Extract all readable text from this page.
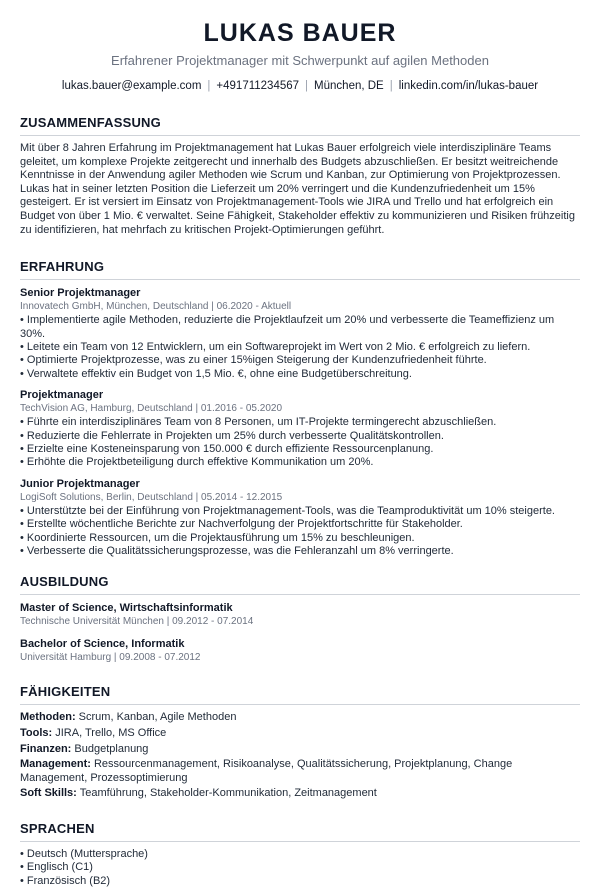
LUKAS BAUER
Erfahrener Projektmanager mit Schwerpunkt auf agilen Methoden
lukas.bauer@example.com | +491711234567 | München, DE | linkedin.com/in/lukas-bauer
ZUSAMMENFASSUNG

Mit über 8 Jahren Erfahrung im Projektmanagement hat Lukas Bauer erfolgreich viele interdisziplinäre Teams geleitet, um komplexe Projekte zeitgerecht und innerhalb des Budgets abzuschließen. Er besitzt weitreichende Kenntnisse in der Anwendung agiler Methoden wie Scrum und Kanban, zur Optimierung von Projektprozessen. Lukas hat in seiner letzten Position die Lieferzeit um 20% verringert und die Kundenzufriedenheit um 15% gesteigert. Er ist versiert im Einsatz von Projektmanagement-Tools wie JIRA und Trello und hat erfolgreich ein Budget von über 1 Mio. € verwaltet. Seine Fähigkeit, Stakeholder effektiv zu kommunizieren und Risiken frühzeitig zu identifizieren, hat mehrfach zu kritischen Projekt-Optimierungen geführt.

ERFAHRUNG
Senior Projektmanager
Innovatech GmbH, München, Deutschland | 06.2020 - Aktuell
• Implementierte agile Methoden, reduzierte die Projektlaufzeit um 20% und verbesserte die Teameffizienz um 30%.
• Leitete ein Team von 12 Entwicklern, um ein Softwareprojekt im Wert von 2 Mio. € erfolgreich zu liefern.
• Optimierte Projektprozesse, was zu einer 15%igen Steigerung der Kundenzufriedenheit führte.
• Verwaltete effektiv ein Budget von 1,5 Mio. €, ohne eine Budgetüberschreitung.
Projektmanager
TechVision AG, Hamburg, Deutschland | 01.2016 - 05.2020
• Führte ein interdisziplinäres Team von 8 Personen, um IT-Projekte termingerecht abzuschließen.
• Reduzierte die Fehlerrate in Projekten um 25% durch verbesserte Qualitätskontrollen.
• Erzielte eine Kosteneinsparung von 150.000 € durch effiziente Ressourcenplanung.
• Erhöhte die Projektbeteiligung durch effektive Kommunikation um 20%.
Junior Projektmanager
LogiSoft Solutions, Berlin, Deutschland | 05.2014 - 12.2015
• Unterstützte bei der Einführung von Projektmanagement-Tools, was die Teamproduktivität um 10% steigerte.
• Erstellte wöchentliche Berichte zur Nachverfolgung der Projektfortschritte für Stakeholder.
• Koordinierte Ressourcen, um die Projektausführung um 15% zu beschleunigen.
• Verbesserte die Qualitätssicherungsprozesse, was die Fehleranzahl um 8% verringerte.
AUSBILDUNG
Master of Science, Wirtschaftsinformatik
Technische Universität München | 09.2012 - 07.2014
Bachelor of Science, Informatik
Universität Hamburg | 09.2008 - 07.2012
FÄHIGKEITEN
Methoden: Scrum, Kanban, Agile Methoden
Tools: JIRA, Trello, MS Office
Finanzen: Budgetplanung
Management: Ressourcenmanagement, Risikoanalyse, Qualitätssicherung, Projektplanung, Change Management, Prozessoptimierung
Soft Skills: Teamführung, Stakeholder-Kommunikation, Zeitmanagement
SPRACHEN
• Deutsch (Muttersprache)
• Englisch (C1)
• Französisch (B2)
